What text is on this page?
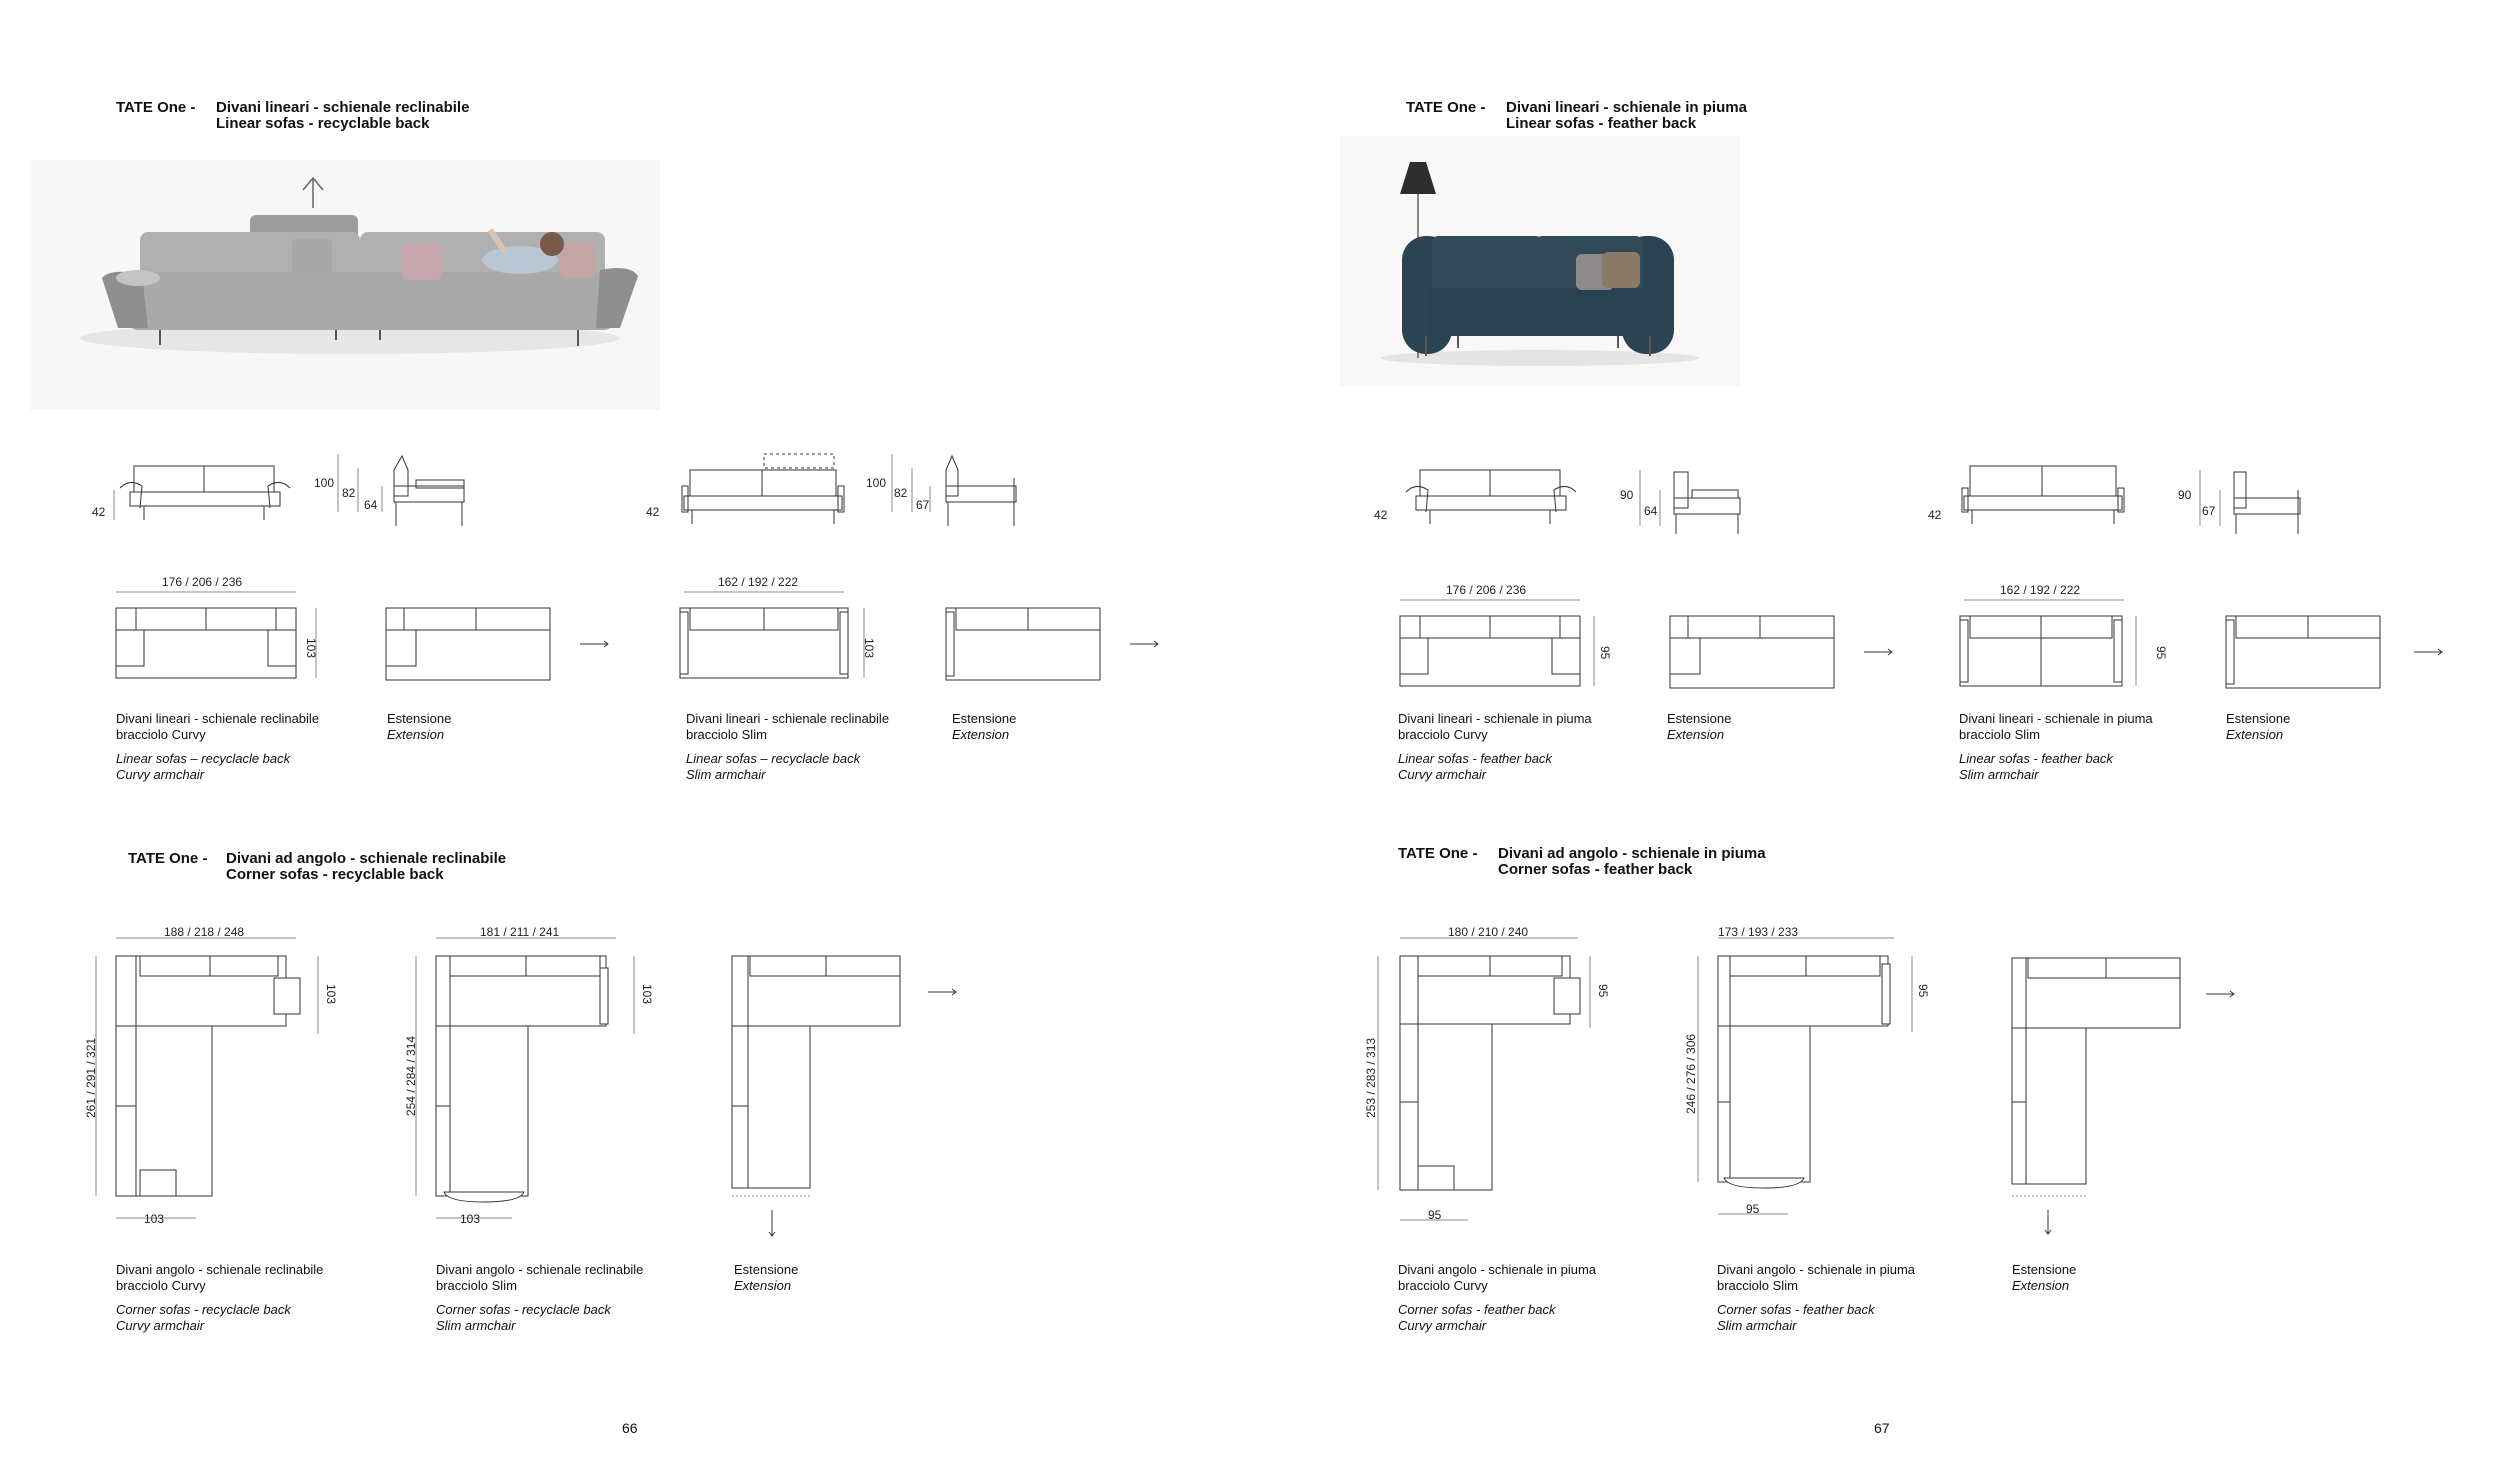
TATE One - Divani lineari - schienale reclinabile
Linear sofas - recyclable back
42
100
82
64	42
100
82
67
176 / 206 / 236
103
162 / 192 / 222
103
Divani lineari - schienale reclinabile
bracciolo Curvy
Linear sofas – recyclacle back
Curvy armchair
Estensione
Extension
Divani lineari - schienale reclinabile
bracciolo Slim
Linear sofas – recyclacle back
Slim armchair
Estensione
Extension
TATE One - Divani ad angolo - schienale reclinabile
Corner sofas - recyclable back
188 / 218 / 248
261 / 291 / 321
103
103
181 / 211 / 241
254 / 284 / 314
103
103
Divani angolo - schienale reclinabile
bracciolo Curvy
Corner sofas - recyclacle back
Curvy armchair
Divani angolo - schienale reclinabile
bracciolo Slim
Corner sofas - recyclacle back
Slim armchair
Estensione
Extension
66
TATE One - Divani lineari - schienale in piuma
Linear sofas - feather back
42
90
64	42
90
67
176 / 206 / 236
95
162 / 192 / 222
95
Divani lineari - schienale in piuma
bracciolo Curvy
Linear sofas - feather back
Curvy armchair
Estensione
Extension
Divani lineari - schienale in piuma
bracciolo Slim
Linear sofas - feather back
Slim armchair
Estensione
Extension
TATE One - Divani ad angolo - schienale in piuma
Corner sofas - feather back
180 / 210 / 240
253 / 283 / 313
95
95
173 / 193 / 233
246 / 276 / 306
95
95
Divani angolo - schienale in piuma
bracciolo Curvy
Corner sofas - feather back
Curvy armchair
Divani angolo - schienale in piuma
bracciolo Slim
Corner sofas - feather back
Slim armchair
Estensione
Extension
67
